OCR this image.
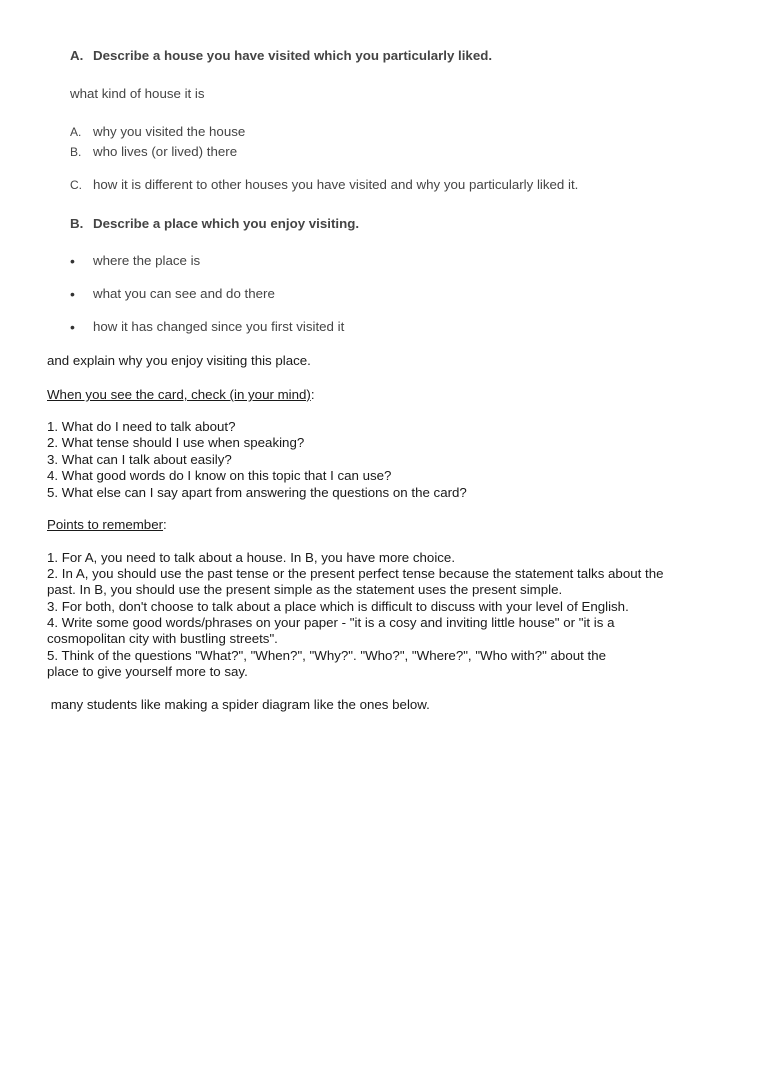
A. Describe a house you have visited which you particularly liked.
what kind of house it is
A. why you visited the house
B. who lives (or lived) there
C. how it is different to other houses you have visited and why you particularly liked it.
B. Describe a place which you enjoy visiting.
• where the place is
• what you can see and do there
• how it has changed since you first visited it
and explain why you enjoy visiting this place.
When you see the card, check (in your mind):
1. What do I need to talk about?
2. What tense should I use when speaking?
3. What can I talk about easily?
4. What good words do I know on this topic that I can use?
5. What else can I say apart from answering the questions on the card?
Points to remember:
1. For A, you need to talk about a house. In B, you have more choice.
2. In A, you should use the past tense or the present perfect tense because the statement talks about the
past. In B, you should use the present simple as the statement uses the present simple.
3. For both, don't choose to talk about a place which is difficult to discuss with your level of English.
4. Write some good words/phrases on your paper - "it is a cosy and inviting little house" or "it is a
cosmopolitan city with bustling streets".
5. Think of the questions "What?", "When?", "Why?". "Who?", "Where?", "Who with?" about the
place to give yourself more to say.
many students like making a spider diagram like the ones below.
